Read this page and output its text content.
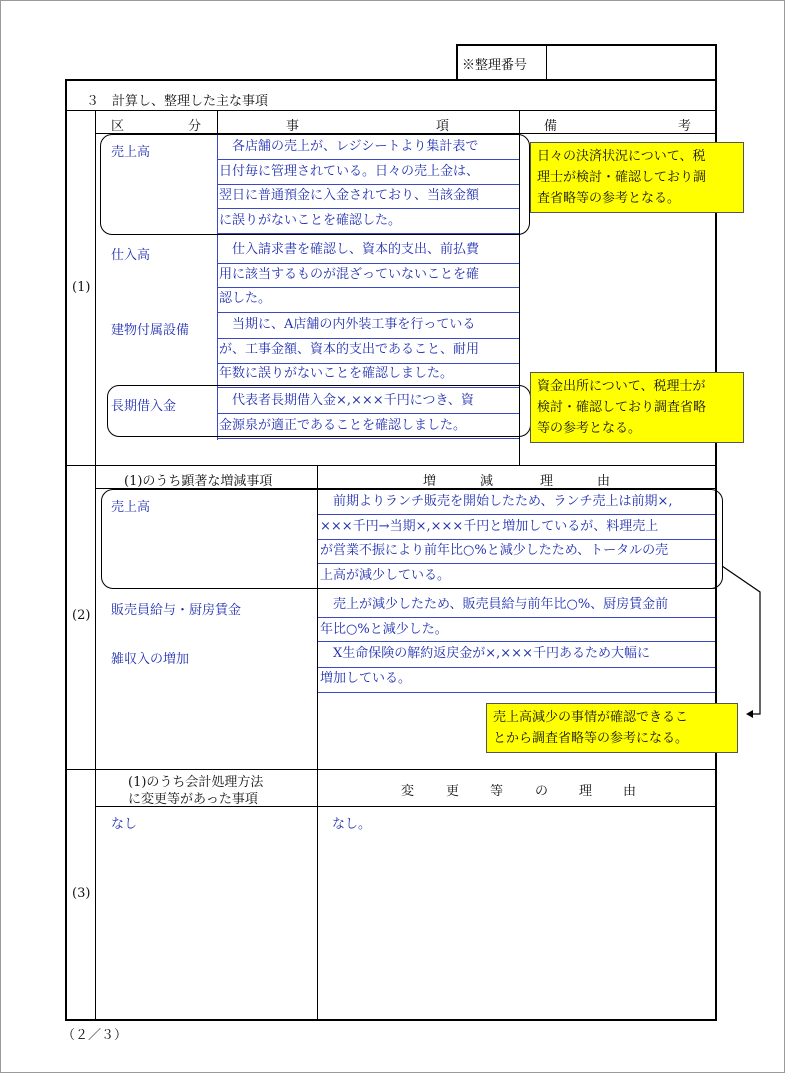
※整理番号
３　計算し、整理した主な事項
区	分	事	項	備	考
(1)
売上高	　各店舗の売上が、レジシートより集計表で
日付毎に管理されている。日々の売上金は、
翌日に普通預金に入金されており、当該金額
に誤りがないことを確認した。
仕入高	　仕入請求書を確認し、資本的支出、前払費
用に該当するものが混ざっていないことを確
認した。
建物付属設備 　当期に、A店舗の内外装工事を行っている
が、工事金額、資本的支出であること、耐用
年数に誤りがないことを確認しました。
長期借入金	　代表者長期借入金×,×××千円につき、資
金源泉が適正であることを確認しました。
日々の決済状況について、税
理士が検討・確認しており調
査省略等の参考となる。
資金出所について、税理士が
検討・確認しており調査省略
等の参考となる。
(1)のうち顕著な増減事項	増	減	理	由
(2)
売上高	　前期よりランチ販売を開始したため、ランチ売上は前期×,
×××千円→当期×,×××千円と増加しているが、料理売上
が営業不振により前年比○%と減少したため、トータルの売
上高が減少している。
販売員給与・厨房賃金	　売上が減少したため、販売員給与前年比○%、厨房賃金前
年比○%と減少した。
雑収入の増加	　X生命保険の解約返戻金が×,×××千円あるため大幅に
増加している。
売上高減少の事情が確認できるこ
とから調査省略等の参考になる。
(1)のうち会計処理方法
に変更等があった事項
変 更 等 の 理 由
(3)
なし	なし。
（２／３）
